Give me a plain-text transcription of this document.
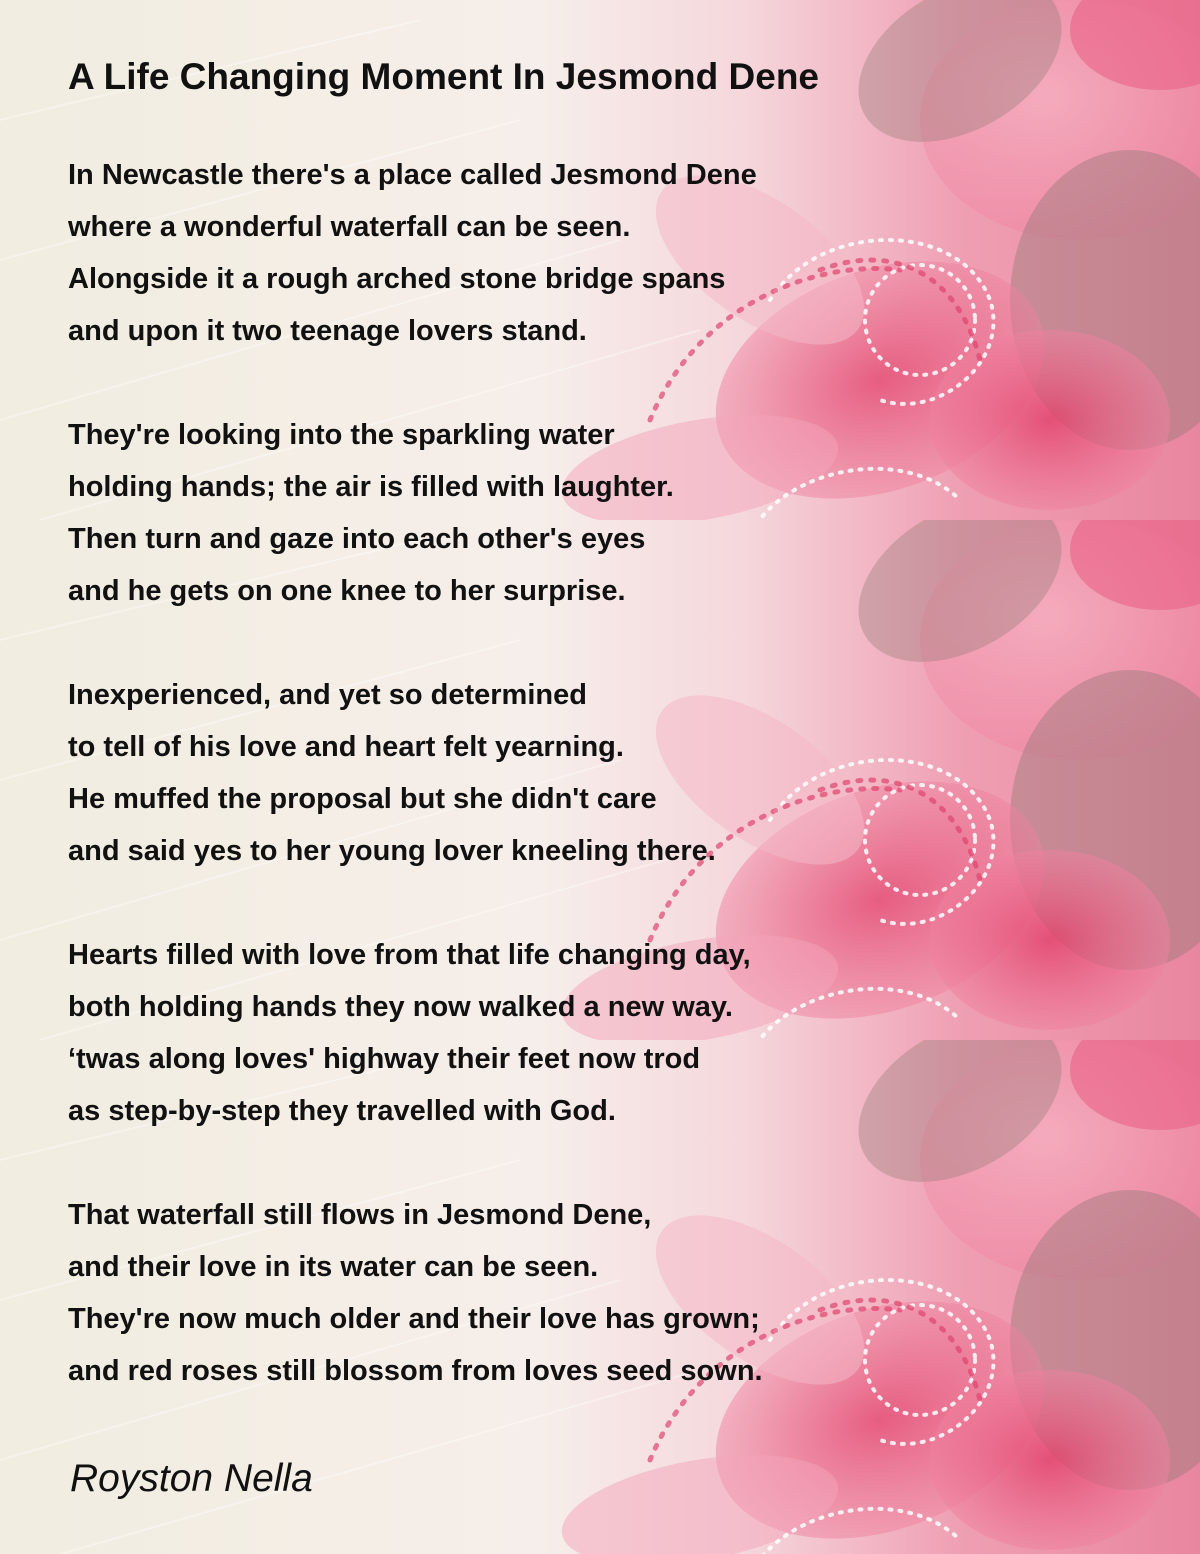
A Life Changing Moment In Jesmond Dene
In Newcastle there's a place called Jesmond Dene
where a wonderful waterfall can be seen.
Alongside it a rough arched stone bridge spans
and upon it two teenage lovers stand.
They're looking into the sparkling water
holding hands; the air is filled with laughter.
Then turn and gaze into each other's eyes
and he gets on one knee to her surprise.
Inexperienced, and yet so determined
to tell of his love and heart felt yearning.
He muffed the proposal but she didn't care
and said yes to her young lover kneeling there.
Hearts filled with love from that life changing day,
both holding hands they now walked a new way.
‘twas along loves' highway their feet now trod
as step-by-step they travelled with God.
That waterfall still flows in Jesmond Dene,
and their love in its water can be seen.
They're now much older and their love has grown;
and red roses still blossom from loves seed sown.
Royston Nella
